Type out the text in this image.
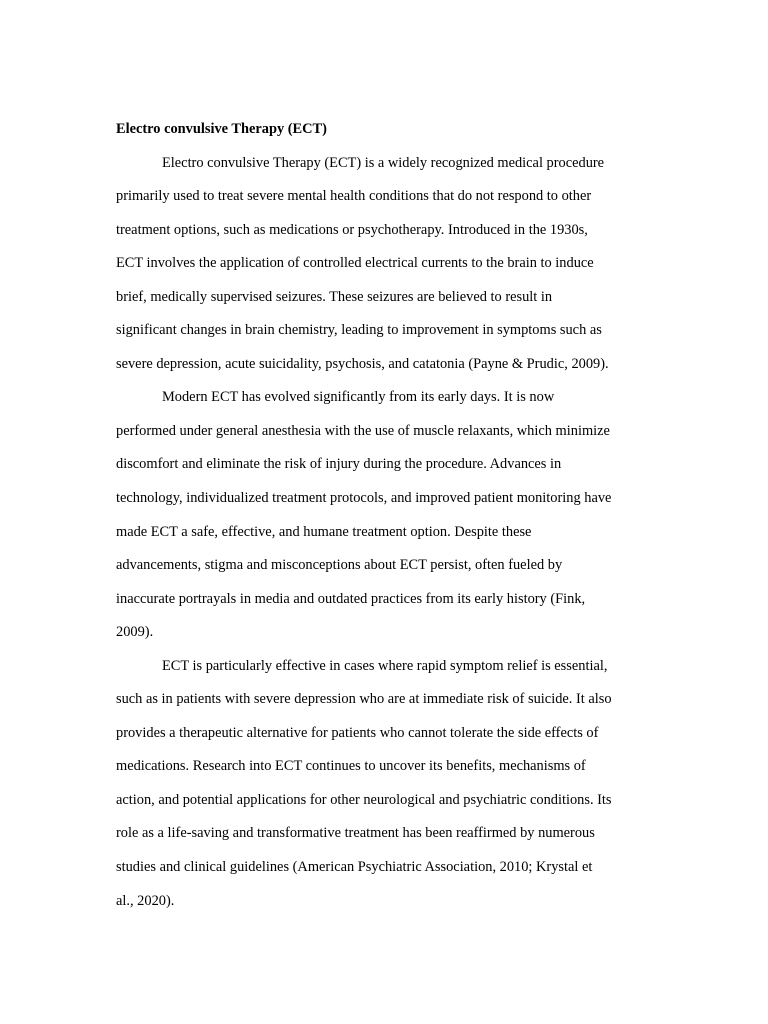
Electro convulsive Therapy (ECT)

Electro convulsive Therapy (ECT) is a widely recognized medical procedure
primarily used to treat severe mental health conditions that do not respond to other
treatment options, such as medications or psychotherapy. Introduced in the 1930s,
ECT involves the application of controlled electrical currents to the brain to induce
brief, medically supervised seizures. These seizures are believed to result in
significant changes in brain chemistry, leading to improvement in symptoms such as
severe depression, acute suicidality, psychosis, and catatonia (Payne & Prudic, 2009).
Modern ECT has evolved significantly from its early days. It is now
performed under general anesthesia with the use of muscle relaxants, which minimize
discomfort and eliminate the risk of injury during the procedure. Advances in
technology, individualized treatment protocols, and improved patient monitoring have
made ECT a safe, effective, and humane treatment option. Despite these
advancements, stigma and misconceptions about ECT persist, often fueled by
inaccurate portrayals in media and outdated practices from its early history (Fink,
2009).
ECT is particularly effective in cases where rapid symptom relief is essential,
such as in patients with severe depression who are at immediate risk of suicide. It also
provides a therapeutic alternative for patients who cannot tolerate the side effects of
medications. Research into ECT continues to uncover its benefits, mechanisms of
action, and potential applications for other neurological and psychiatric conditions. Its
role as a life-saving and transformative treatment has been reaffirmed by numerous
studies and clinical guidelines (American Psychiatric Association, 2010; Krystal et
al., 2020).
